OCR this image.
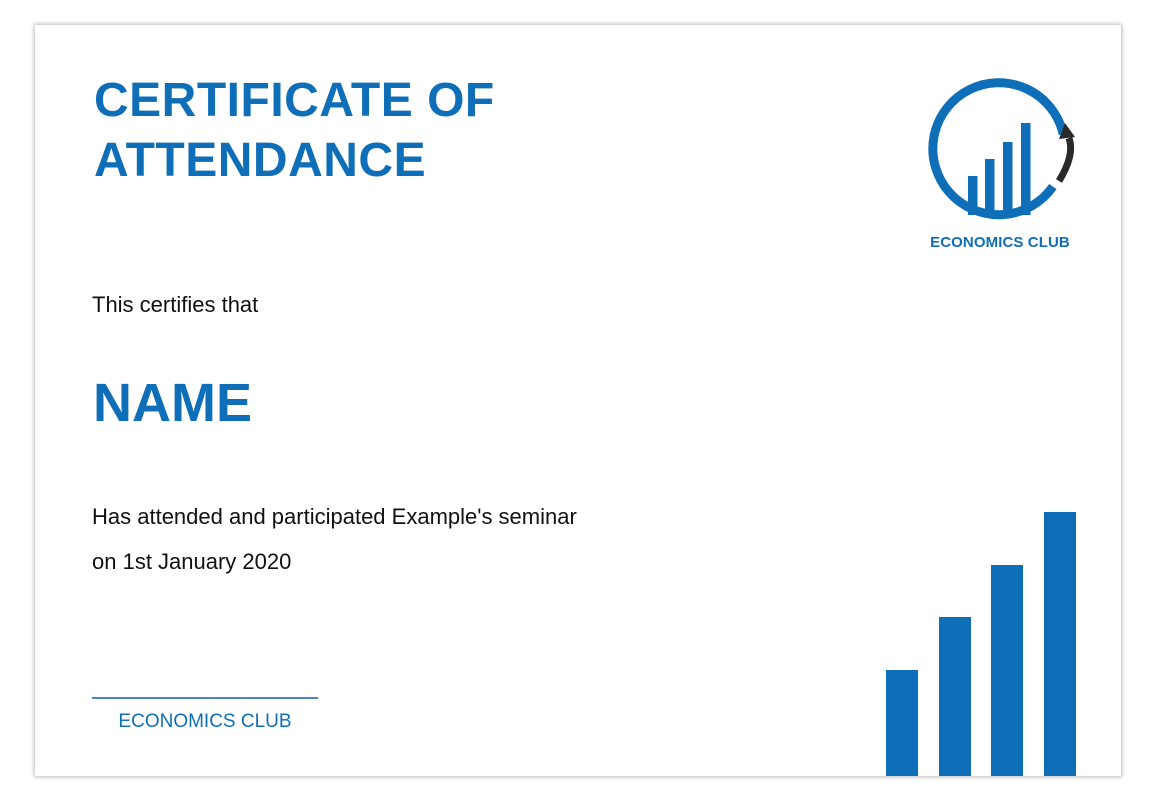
CERTIFICATE OF
ATTENDANCE
ECONOMICS CLUB
This certifies that
NAME
Has attended and participated Example's seminar
on 1st January 2020
ECONOMICS CLUB
